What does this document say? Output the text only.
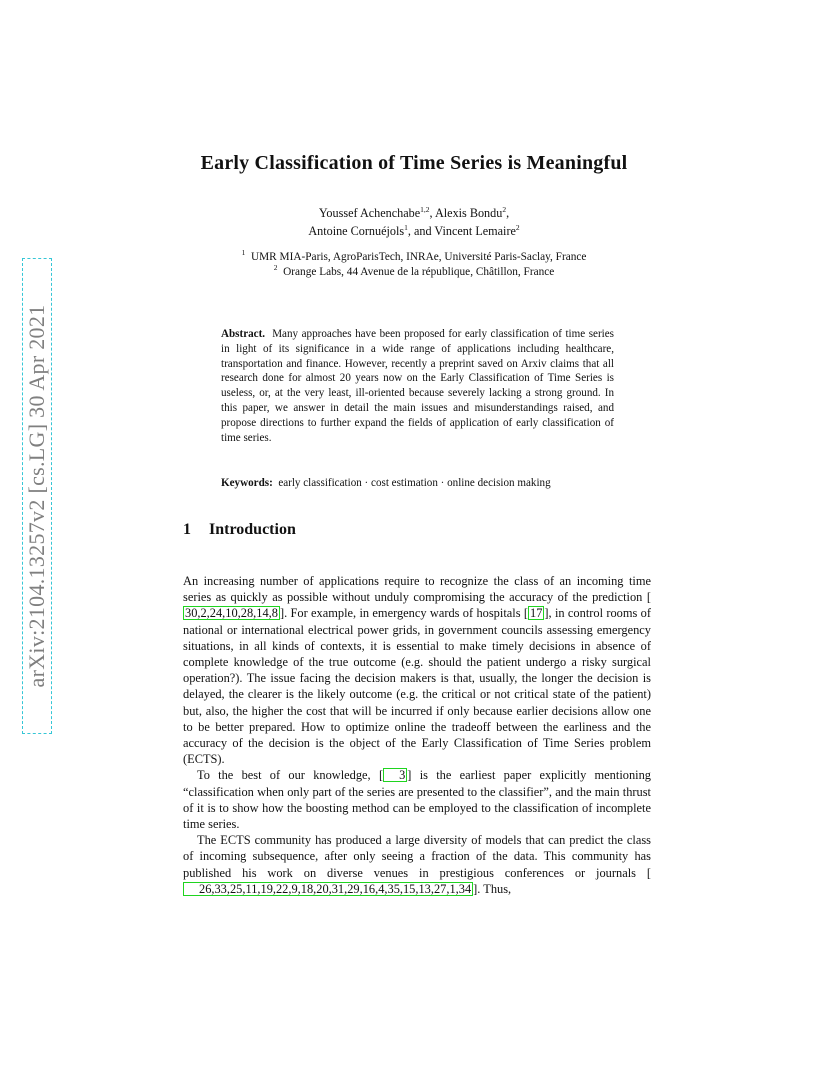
arXiv:2104.13257v2 [cs.LG] 30 Apr 2021
Early Classification of Time Series is Meaningful
Youssef Achenchabe$^{1,2}$, Alexis Bondu$^2$,
Antoine Cornuéjols$^1$, and Vincent Lemaire$^2$
$^1$ UMR MIA-Paris, AgroParisTech, INRAe, Université Paris-Saclay, France
$^2$ Orange Labs, 44 Avenue de la république, Châtillon, France
Abstract. Many approaches have been proposed for early classification of time series in light of its significance in a wide range of applications including healthcare, transportation and finance. However, recently a preprint saved on Arxiv claims that all research done for almost 20 years now on the Early Classification of Time Series is useless, or, at the very least, ill-oriented because severely lacking a strong ground. In this paper, we answer in detail the main issues and misunderstandings raised, and propose directions to further expand the fields of application of early classification of time series.
Keywords: early classification · cost estimation · online decision making
1 Introduction

An increasing number of applications require to recognize the class of an incoming time series as quickly as possible without unduly compromising the accuracy of the prediction [30,2,24,10,28,14,8 ]. For example, in emergency wards of hospitals [ 17 ], in control rooms of national or international electrical power grids, in government councils assessing emergency situations, in all kinds of contexts, it is essential to make timely decisions in absence of complete knowledge of the true outcome (e.g. should the patient undergo a risky surgical operation?). The issue facing the decision makers is that, usually, the longer the decision is delayed, the clearer is the likely outcome (e.g. the critical or not critical state of the patient) but, also, the higher the cost that will be incurred if only because earlier decisions allow one to be better prepared. How to optimize online the tradeoff between the earliness and the accuracy of the decision is the object of the Early Classification of Time Series problem (ECTS).

To the best of our knowledge, [ 3 ] is the earliest paper explicitly mentioning “classification when only part of the series are presented to the classifier”, and the main thrust of it is to show how the boosting method can be employed to the classification of incomplete time series.

The ECTS community has produced a large diversity of models that can predict the class of incoming subsequence, after only seeing a fraction of the data. This community has published his work on diverse venues in prestigious conferences or journals [26,33,25,11,19,22,9,18,20,31,29,16,4,35,15,13,27,1,34 ]. Thus,
